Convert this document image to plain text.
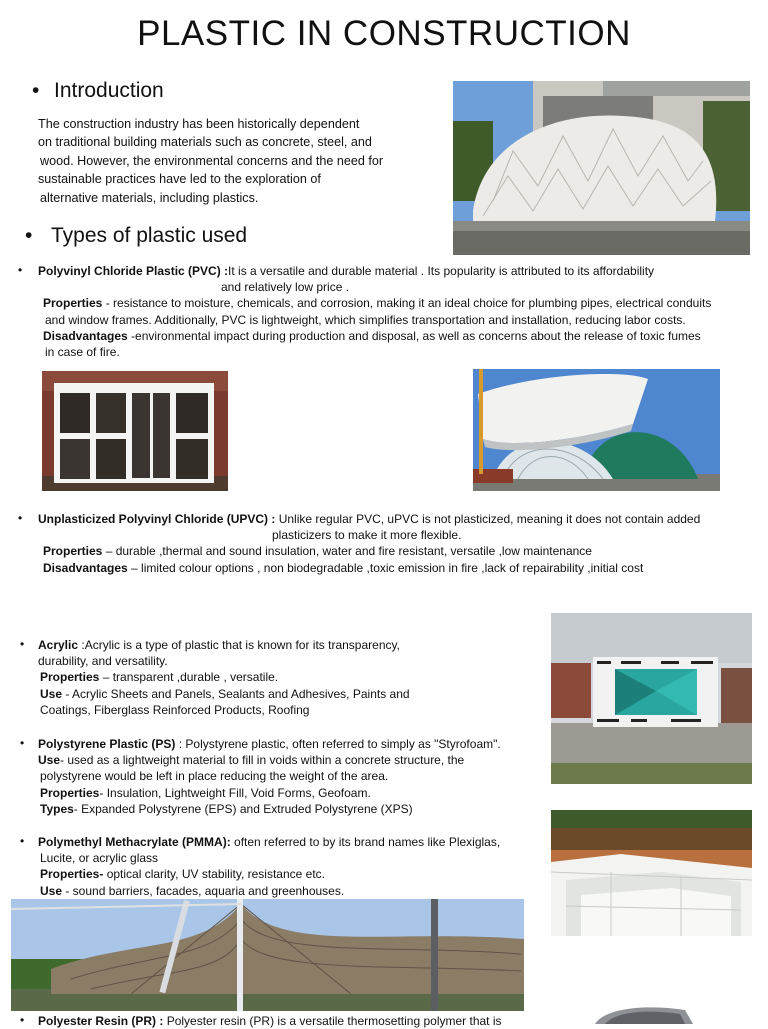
PLASTIC IN CONSTRUCTION
• Introduction
The construction industry has been historically dependent
on traditional building materials such as concrete, steel, and
wood. However, the environmental concerns and the need for
sustainable practices have led to the exploration of
alternative materials, including plastics.
• Types of plastic used
• Polyvinyl Chloride Plastic (PVC) :It is a versatile and durable material . Its popularity is attributed to its affordability
and relatively low price .
Properties - resistance to moisture, chemicals, and corrosion, making it an ideal choice for plumbing pipes, electrical conduits
and window frames. Additionally, PVC is lightweight, which simplifies transportation and installation, reducing labor costs.
Disadvantages -environmental impact during production and disposal, as well as concerns about the release of toxic fumes
in case of fire.
• Unplasticized Polyvinyl Chloride (UPVC) : Unlike regular PVC, uPVC is not plasticized, meaning it does not contain added
plasticizers to make it more flexible.
Properties – durable ,thermal and sound insulation, water and fire resistant, versatile ,low maintenance
Disadvantages – limited colour options , non biodegradable ,toxic emission in fire ,lack of repairability ,initial cost
• Acrylic :Acrylic is a type of plastic that is known for its transparency,
durability, and versatility.
Properties – transparent ,durable , versatile.
Use - Acrylic Sheets and Panels, Sealants and Adhesives, Paints and
Coatings, Fiberglass Reinforced Products, Roofing
• Polystyrene Plastic (PS) : Polystyrene plastic, often referred to simply as "Styrofoam".
Use- used as a lightweight material to fill in voids within a concrete structure, the
polystyrene would be left in place reducing the weight of the area.
Properties- Insulation, Lightweight Fill, Void Forms, Geofoam.
Types- Expanded Polystyrene (EPS) and Extruded Polystyrene (XPS)
• Polymethyl Methacrylate (PMMA): often referred to by its brand names like Plexiglas,
Lucite, or acrylic glass
Properties- optical clarity, UV stability, resistance etc.
Use - sound barriers, facades, aquaria and greenhouses.
• Polyester Resin (PR) : Polyester resin (PR) is a versatile thermosetting polymer that is
